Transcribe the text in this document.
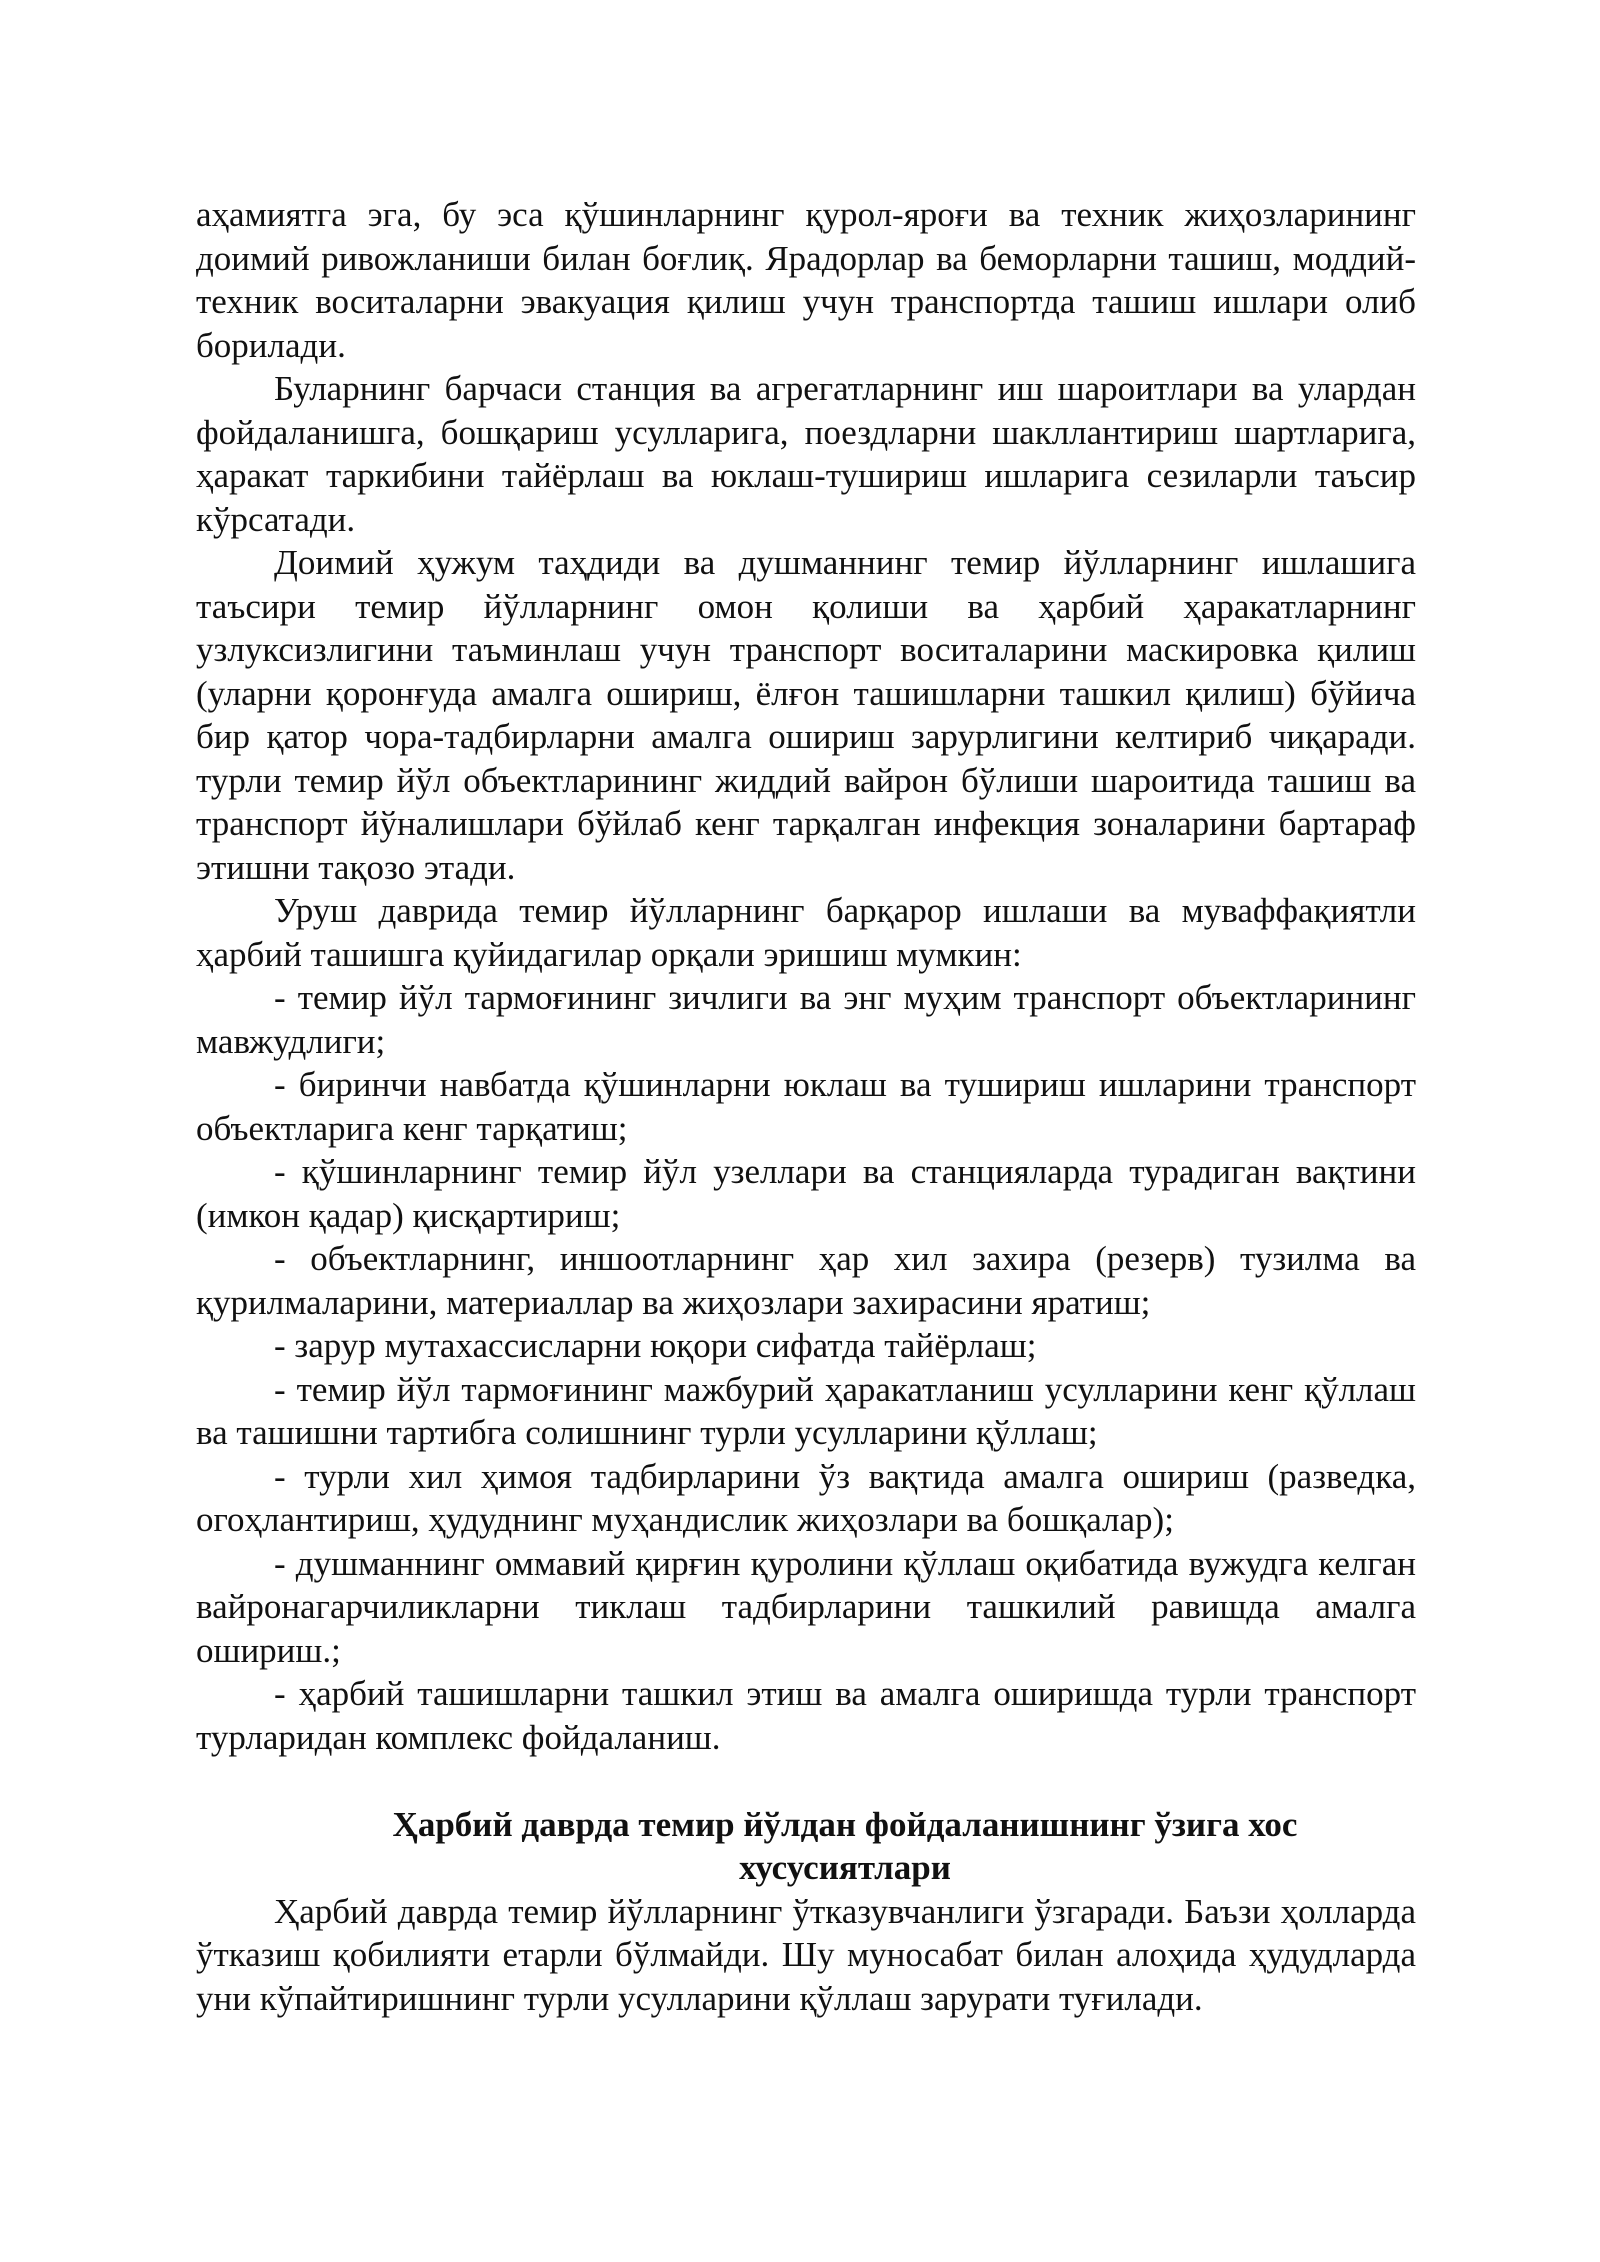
аҳамиятга эга, бу эса қўшинларнинг қурол-яроғи ва техник жиҳозларининг доимий ривожланиши билан боғлиқ. Ярадорлар ва беморларни ташиш, моддий-техник воситаларни эвакуация қилиш учун транспортда ташиш ишлари олиб борилади.

Буларнинг барчаси станция ва агрегатларнинг иш шароитлари ва улардан фойдаланишга, бошқариш усулларига, поездларни шакллантириш шартларига, ҳаракат таркибини тайёрлаш ва юклаш-тушириш ишларига сезиларли таъсир кўрсатади.

Доимий ҳужум таҳдиди ва душманнинг темир йўлларнинг ишлашига таъсири темир йўлларнинг омон қолиши ва ҳарбий ҳаракатларнинг узлуксизлигини таъминлаш учун транспорт воситаларини маскировка қилиш (уларни қоронғуда амалга ошириш, ёлғон ташишларни ташкил қилиш) бўйича бир қатор чора-тадбирларни амалга ошириш зарурлигини келтириб чиқаради. турли темир йўл объектларининг жиддий вайрон бўлиши шароитида ташиш ва транспорт йўналишлари бўйлаб кенг тарқалган инфекция зоналарини бартараф этишни тақозо этади.

Уруш даврида темир йўлларнинг барқарор ишлаши ва муваффақиятли ҳарбий ташишга қуйидагилар орқали эришиш мумкин:

- темир йўл тармоғининг зичлиги ва энг муҳим транспорт объектларининг мавжудлиги;

- биринчи навбатда қўшинларни юклаш ва тушириш ишларини транспорт объектларига кенг тарқатиш;

- қўшинларнинг темир йўл узеллари ва станцияларда турадиган вақтини (имкон қадар) қисқартириш;

- объектларнинг, иншоотларнинг ҳар хил захира (резерв) тузилма ва қурилмаларини, материаллар ва жиҳозлари захирасини яратиш;

- зарур мутахассисларни юқори сифатда тайёрлаш;

- темир йўл тармоғининг мажбурий ҳаракатланиш усулларини кенг қўллаш ва ташишни тартибга солишнинг турли усулларини қўллаш;

- турли хил ҳимоя тадбирларини ўз вақтида амалга ошириш (разведка, огоҳлантириш, ҳудуднинг муҳандислик жиҳозлари ва бошқалар);

- душманнинг оммавий қирғин қуролини қўллаш оқибатида вужудга келган вайронагарчиликларни тиклаш тадбирларини ташкилий равишда амалга ошириш.;

- ҳарбий ташишларни ташкил этиш ва амалга оширишда турли транспорт турларидан комплекс фойдаланиш.

Ҳарбий даврда темир йўлдан фойдаланишнинг ўзига хос

хусусиятлари

Ҳарбий даврда темир йўлларнинг ўтказувчанлиги ўзгаради. Баъзи ҳолларда ўтказиш қобилияти етарли бўлмайди. Шу муносабат билан алоҳида ҳудудларда уни кўпайтиришнинг турли усулларини қўллаш зарурати туғилади.
